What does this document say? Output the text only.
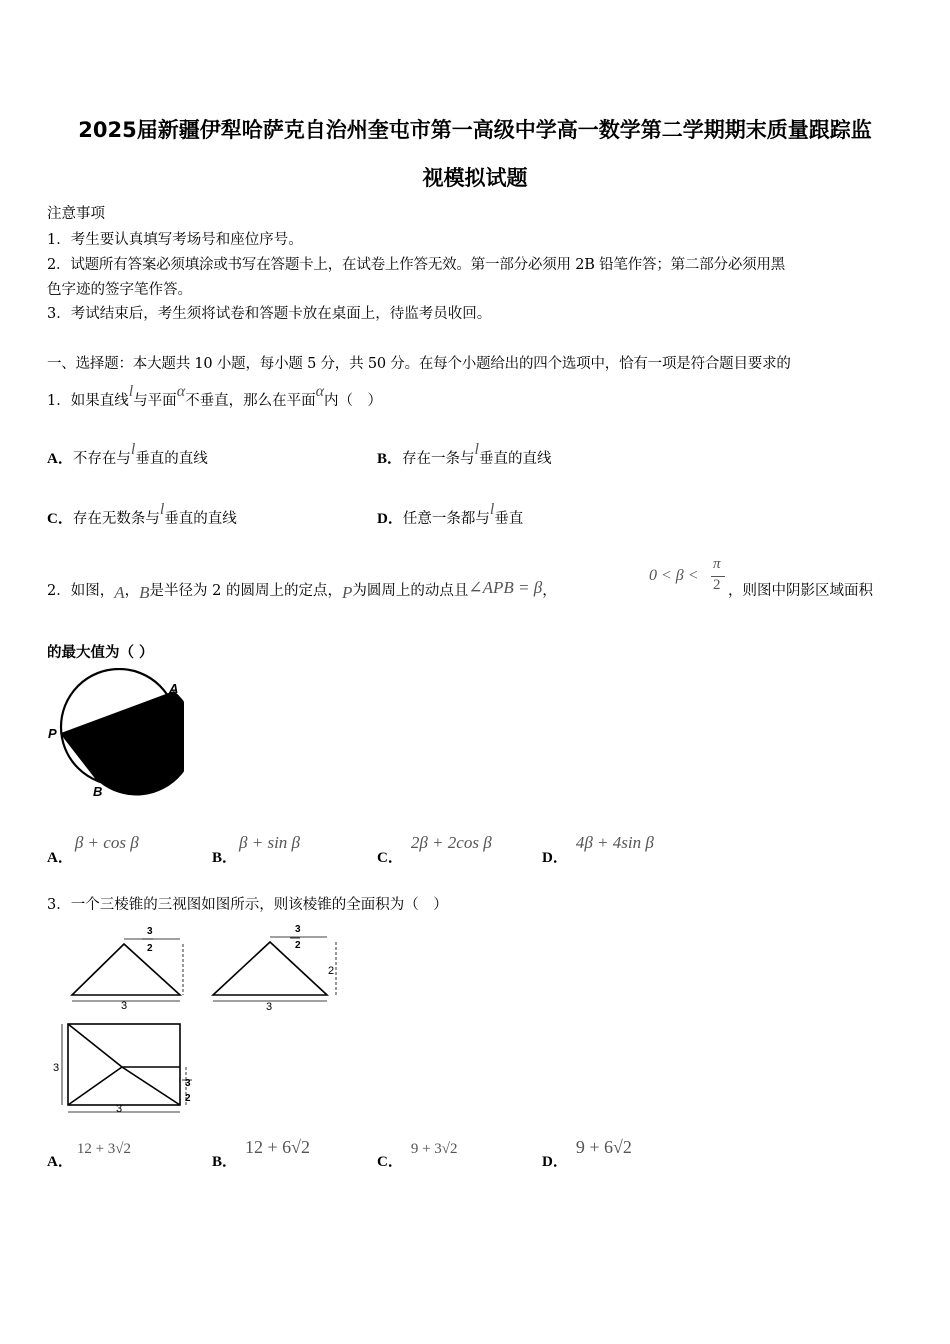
2025届新疆伊犁哈萨克自治州奎屯市第一高级中学高一数学第二学期期末质量跟踪监
视模拟试题
注意事项
1．考生要认真填写考场号和座位序号。
2．试题所有答案必须填涂或书写在答题卡上，在试卷上作答无效。第一部分必须用 2B 铅笔作答；第二部分必须用黑
色字迹的签字笔作答。
3．考试结束后，考生须将试卷和答题卡放在桌面上，待监考员收回。
一、选择题：本大题共 10 小题，每小题 5 分，共 50 分。在每个小题给出的四个选项中，恰有一项是符合题目要求的
1．如果直线l与平面α不垂直，那么在平面α内（　）
A．不存在与l垂直的直线	B．存在一条与l垂直的直线
C．存在无数条与l垂直的直线	D．任意一条都与l垂直
2．如图，A，B是半径为 2 的圆周上的定点，P为圆周上的动点且∠APB = β，
0 < β <
π
2 ，则图中阴影区域面积
的最大值为（ ）
P
A
B
A．β + cos β
B．β + sin β
C．2β + 2cos β
D．4β + 4sin β
3．一个三棱锥的三视图如图所示，则该棱锥的全面积为（　）
3
3
2
3
3
2
2
3
3
3
2
A．12 + 3√2
B．12 + 6√2
C．9 + 3√2
D．9 + 6√2
